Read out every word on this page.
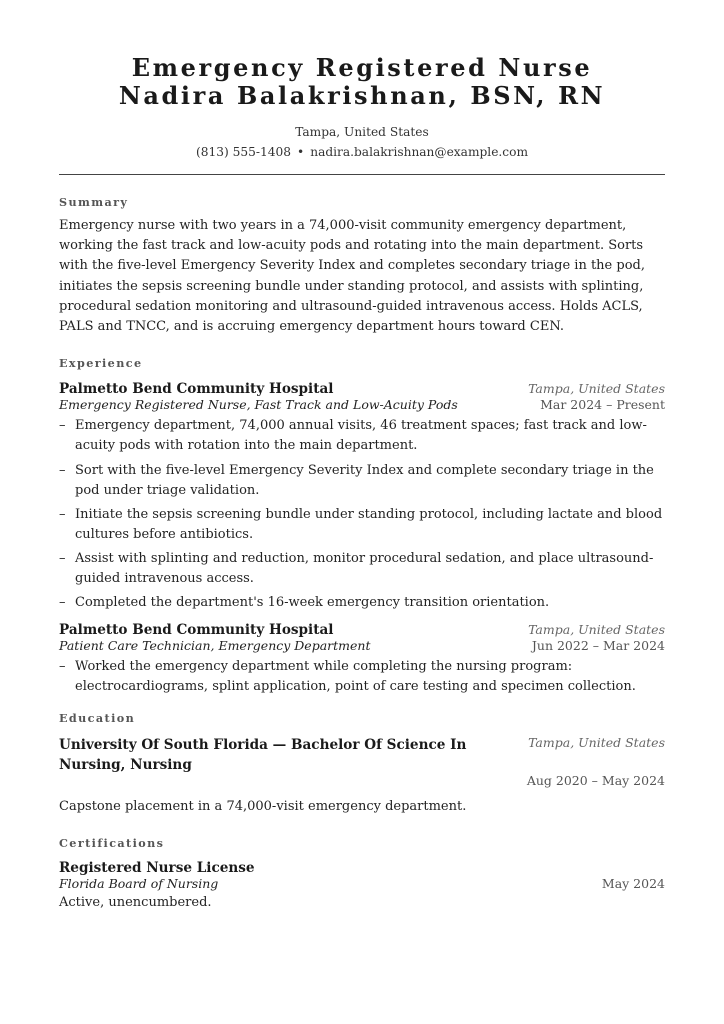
Emergency Registered Nurse
Nadira Balakrishnan, BSN, RN
Tampa, United States
(813) 555-1408 • nadira.balakrishnan@example.com
Summary

Emergency nurse with two years in a 74,000-visit community emergency department, working the fast track and low-acuity pods and rotating into the main department. Sorts with the five-level Emergency Severity Index and completes secondary triage in the pod, initiates the sepsis screening bundle under standing protocol, and assists with splinting, procedural sedation monitoring and ultrasound-guided intravenous access. Holds ACLS, PALS and TNCC, and is accruing emergency department hours toward CEN.

Experience
Palmetto Bend Community Hospital	Tampa, United States
Emergency Registered Nurse, Fast Track and Low-Acuity Pods	Mar 2024 – Present
– Emergency department, 74,000 annual visits, 46 treatment spaces; fast track and low-acuity pods with rotation into the main department.
– Sort with the five-level Emergency Severity Index and complete secondary triage in the pod under triage validation.
– Initiate the sepsis screening bundle under standing protocol, including lactate and blood cultures before antibiotics.
– Assist with splinting and reduction, monitor procedural sedation, and place ultrasound-guided intravenous access.
– Completed the department's 16-week emergency transition orientation.
Palmetto Bend Community Hospital	Tampa, United States
Patient Care Technician, Emergency Department	Jun 2022 – Mar 2024
– Worked the emergency department while completing the nursing program: electrocardiograms, splint application, point of care testing and specimen collection.
Education
University Of South Florida — Bachelor Of Science In Nursing, Nursing
Tampa, United States
Aug 2020 – May 2024

Capstone placement in a 74,000-visit emergency department.

Certifications
Registered Nurse License
Florida Board of Nursing	May 2024

Active, unencumbered.
